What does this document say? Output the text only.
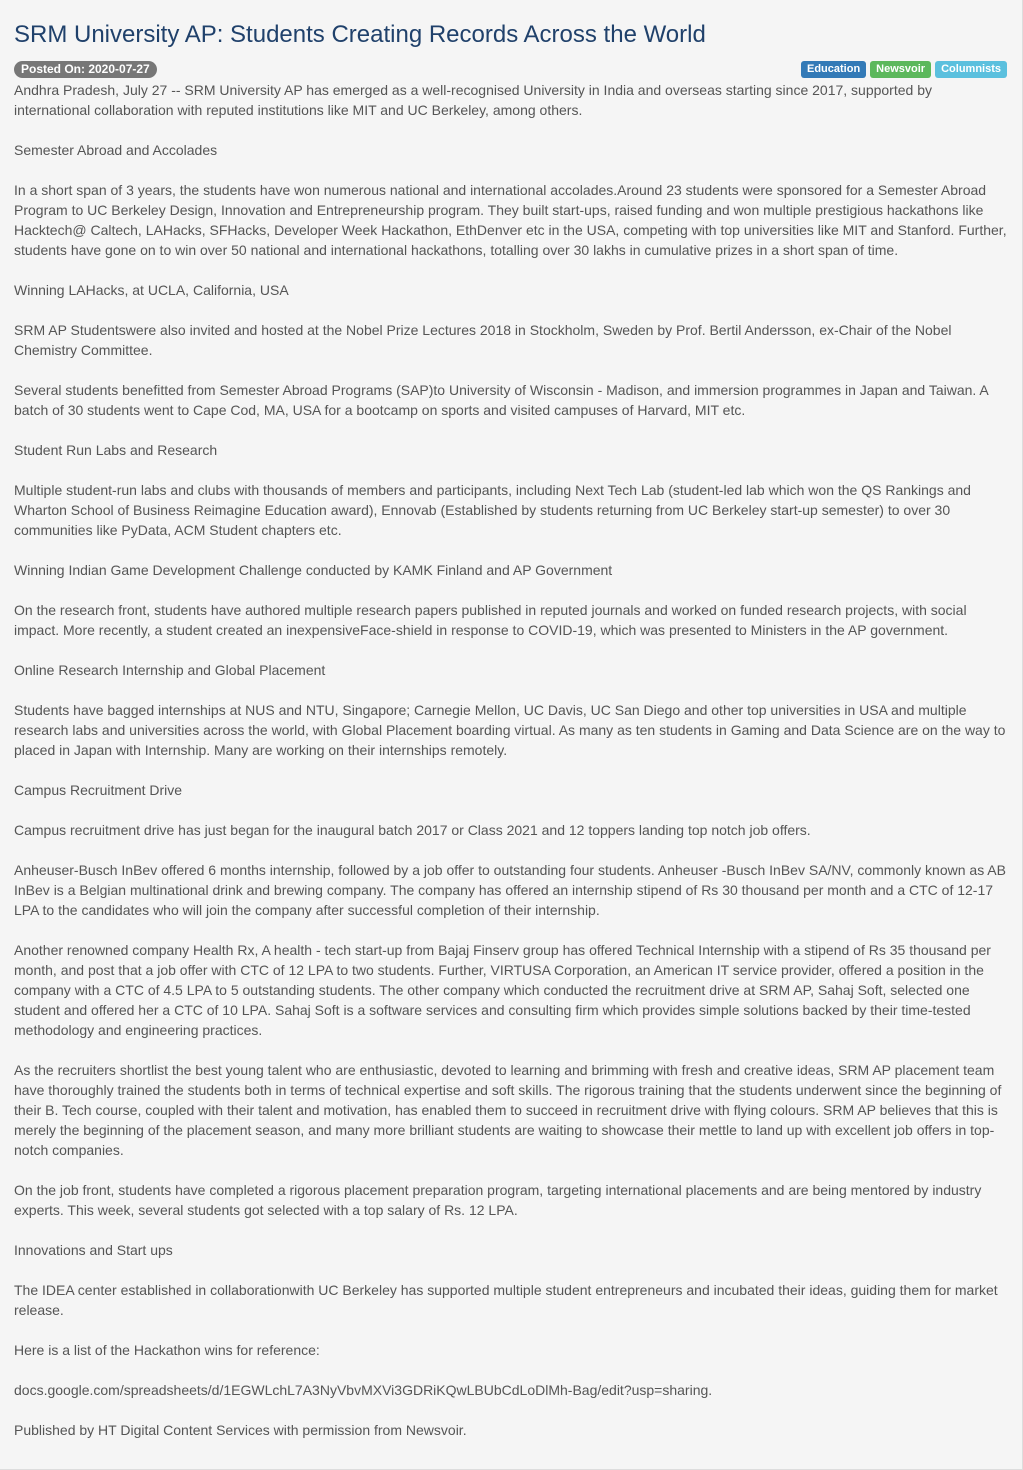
SRM University AP: Students Creating Records Across the World
Posted On: 2020-07-27	Education	Newsvoir	Columnists

Andhra Pradesh, July 27 -- SRM University AP has emerged as a well-recognised University in India and overseas starting since 2017, supported by international collaboration with reputed institutions like MIT and UC Berkeley, among others.

Semester Abroad and Accolades

In a short span of 3 years, the students have won numerous national and international accolades.Around 23 students were sponsored for a Semester Abroad Program to UC Berkeley Design, Innovation and Entrepreneurship program. They built start-ups, raised funding and won multiple prestigious hackathons like Hacktech@ Caltech, LAHacks, SFHacks, Developer Week Hackathon, EthDenver etc in the USA, competing with top universities like MIT and Stanford. Further, students have gone on to win over 50 national and international hackathons, totalling over 30 lakhs in cumulative prizes in a short span of time.

Winning LAHacks, at UCLA, California, USA

SRM AP Studentswere also invited and hosted at the Nobel Prize Lectures 2018 in Stockholm, Sweden by Prof. Bertil Andersson, ex-Chair of the Nobel Chemistry Committee.

Several students benefitted from Semester Abroad Programs (SAP)to University of Wisconsin - Madison, and immersion programmes in Japan and Taiwan. A batch of 30 students went to Cape Cod, MA, USA for a bootcamp on sports and visited campuses of Harvard, MIT etc.

Student Run Labs and Research

Multiple student-run labs and clubs with thousands of members and participants, including Next Tech Lab (student-led lab which won the QS Rankings and Wharton School of Business Reimagine Education award), Ennovab (Established by students returning from UC Berkeley start-up semester) to over 30 communities like PyData, ACM Student chapters etc.

Winning Indian Game Development Challenge conducted by KAMK Finland and AP Government

On the research front, students have authored multiple research papers published in reputed journals and worked on funded research projects, with social impact. More recently, a student created an inexpensiveFace-shield in response to COVID-19, which was presented to Ministers in the AP government.

Online Research Internship and Global Placement

Students have bagged internships at NUS and NTU, Singapore; Carnegie Mellon, UC Davis, UC San Diego and other top universities in USA and multiple research labs and universities across the world, with Global Placement boarding virtual. As many as ten students in Gaming and Data Science are on the way to placed in Japan with Internship. Many are working on their internships remotely.

Campus Recruitment Drive

Campus recruitment drive has just began for the inaugural batch 2017 or Class 2021 and 12 toppers landing top notch job offers.

Anheuser-Busch InBev offered 6 months internship, followed by a job offer to outstanding four students. Anheuser -Busch InBev SA/NV, commonly known as AB InBev is a Belgian multinational drink and brewing company. The company has offered an internship stipend of Rs 30 thousand per month and a CTC of 12-17 LPA to the candidates who will join the company after successful completion of their internship.

Another renowned company Health Rx, A health - tech start-up from Bajaj Finserv group has offered Technical Internship with a stipend of Rs 35 thousand per month, and post that a job offer with CTC of 12 LPA to two students. Further, VIRTUSA Corporation, an American IT service provider, offered a position in the company with a CTC of 4.5 LPA to 5 outstanding students. The other company which conducted the recruitment drive at SRM AP, Sahaj Soft, selected one student and offered her a CTC of 10 LPA. Sahaj Soft is a software services and consulting firm which provides simple solutions backed by their time-tested methodology and engineering practices.

As the recruiters shortlist the best young talent who are enthusiastic, devoted to learning and brimming with fresh and creative ideas, SRM AP placement team have thoroughly trained the students both in terms of technical expertise and soft skills. The rigorous training that the students underwent since the beginning of their B. Tech course, coupled with their talent and motivation, has enabled them to succeed in recruitment drive with flying colours. SRM AP believes that this is merely the beginning of the placement season, and many more brilliant students are waiting to showcase their mettle to land up with excellent job offers in top-notch companies.

On the job front, students have completed a rigorous placement preparation program, targeting international placements and are being mentored by industry experts. This week, several students got selected with a top salary of Rs. 12 LPA.

Innovations and Start ups

The IDEA center established in collaborationwith UC Berkeley has supported multiple student entrepreneurs and incubated their ideas, guiding them for market release.

Here is a list of the Hackathon wins for reference:

docs.google.com/spreadsheets/d/1EGWLchL7A3NyVbvMXVi3GDRiKQwLBUbCdLoDlMh-Bag/edit?usp=sharing.

Published by HT Digital Content Services with permission from Newsvoir.
